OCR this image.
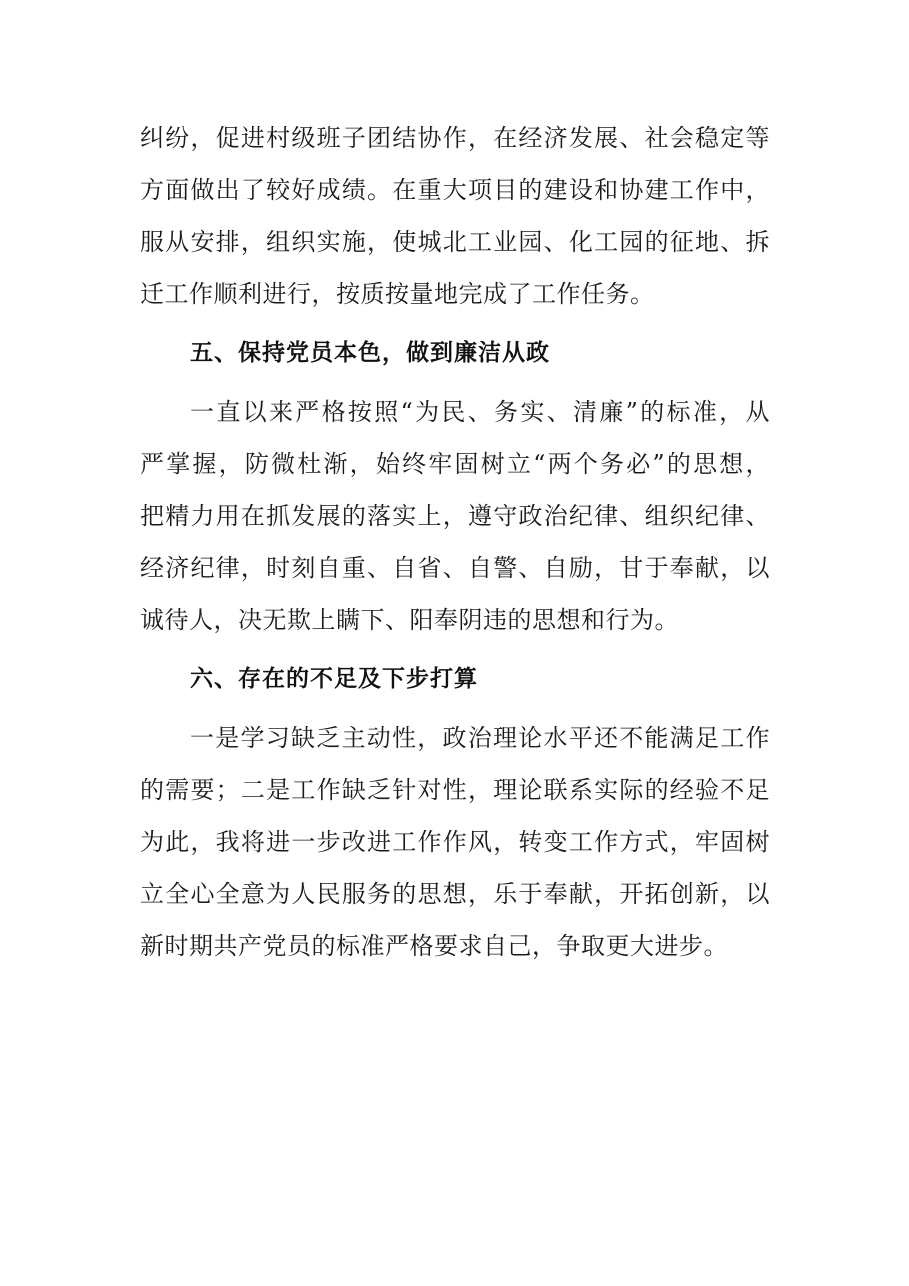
纠纷，促进村级班子团结协作，在经济发展、社会稳定等
方面做出了较好成绩。在重大项目的建设和协建工作中，
服从安排，组织实施，使城北工业园、化工园的征地、拆
迁工作顺利进行，按质按量地完成了工作任务。
五、保持党员本色，做到廉洁从政
一直以来严格按照“为民、务实、清廉”的标准，从
严掌握，防微杜渐，始终牢固树立“两个务必”的思想，
把精力用在抓发展的落实上，遵守政治纪律、组织纪律、
经济纪律，时刻自重、自省、自警、自励，甘于奉献，以
诚待人，决无欺上瞒下、阳奉阴违的思想和行为。
六、存在的不足及下步打算
一是学习缺乏主动性，政治理论水平还不能满足工作
的需要；二是工作缺乏针对性，理论联系实际的经验不足
为此，我将进一步改进工作作风，转变工作方式，牢固树
立全心全意为人民服务的思想，乐于奉献，开拓创新，以
新时期共产党员的标准严格要求自己，争取更大进步。
